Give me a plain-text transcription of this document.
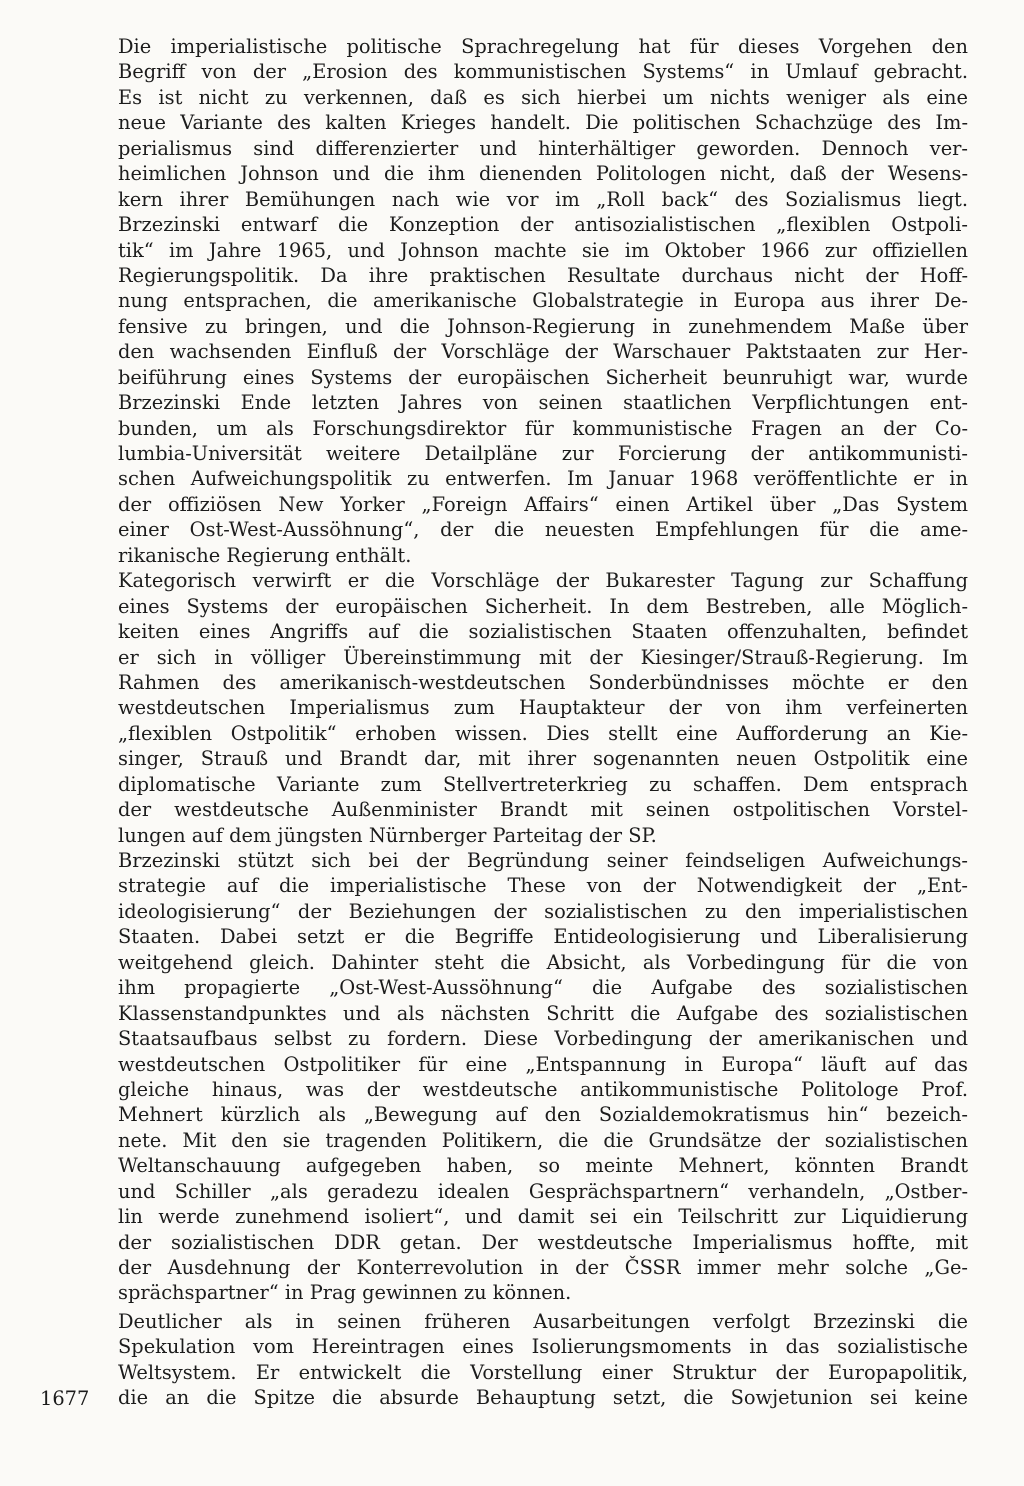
Die imperialistische politische Sprachregelung hat für dieses Vorgehen den
Begriff von der „Erosion des kommunistischen Systems“ in Umlauf gebracht.
Es ist nicht zu verkennen, daß es sich hierbei um nichts weniger als eine
neue Variante des kalten Krieges handelt. Die politischen Schachzüge des Im-
perialismus sind differenzierter und hinterhältiger geworden. Dennoch ver-
heimlichen Johnson und die ihm dienenden Politologen nicht, daß der Wesens-
kern ihrer Bemühungen nach wie vor im „Roll back“ des Sozialismus liegt.
Brzezinski entwarf die Konzeption der antisozialistischen „flexiblen Ostpoli-
tik“ im Jahre 1965, und Johnson machte sie im Oktober 1966 zur offiziellen
Regierungspolitik. Da ihre praktischen Resultate durchaus nicht der Hoff-
nung entsprachen, die amerikanische Globalstrategie in Europa aus ihrer De-
fensive zu bringen, und die Johnson-Regierung in zunehmendem Maße über
den wachsenden Einfluß der Vorschläge der Warschauer Paktstaaten zur Her-
beiführung eines Systems der europäischen Sicherheit beunruhigt war, wurde
Brzezinski Ende letzten Jahres von seinen staatlichen Verpflichtungen ent-
bunden, um als Forschungsdirektor für kommunistische Fragen an der Co-
lumbia-Universität weitere Detailpläne zur Forcierung der antikommunisti-
schen Aufweichungspolitik zu entwerfen. Im Januar 1968 veröffentlichte er in
der offiziösen New Yorker „Foreign Affairs“ einen Artikel über „Das System
einer Ost-West-Aussöhnung“, der die neuesten Empfehlungen für die ame-
rikanische Regierung enthält.
Kategorisch verwirft er die Vorschläge der Bukarester Tagung zur Schaffung
eines Systems der europäischen Sicherheit. In dem Bestreben, alle Möglich-
keiten eines Angriffs auf die sozialistischen Staaten offenzuhalten, befindet
er sich in völliger Übereinstimmung mit der Kiesinger/Strauß-Regierung. Im
Rahmen des amerikanisch-westdeutschen Sonderbündnisses möchte er den
westdeutschen Imperialismus zum Hauptakteur der von ihm verfeinerten
„flexiblen Ostpolitik“ erhoben wissen. Dies stellt eine Aufforderung an Kie-
singer, Strauß und Brandt dar, mit ihrer sogenannten neuen Ostpolitik eine
diplomatische Variante zum Stellvertreterkrieg zu schaffen. Dem entsprach
der westdeutsche Außenminister Brandt mit seinen ostpolitischen Vorstel-
lungen auf dem jüngsten Nürnberger Parteitag der SP.
Brzezinski stützt sich bei der Begründung seiner feindseligen Aufweichungs-
strategie auf die imperialistische These von der Notwendigkeit der „Ent-
ideologisierung“ der Beziehungen der sozialistischen zu den imperialistischen
Staaten. Dabei setzt er die Begriffe Entideologisierung und Liberalisierung
weitgehend gleich. Dahinter steht die Absicht, als Vorbedingung für die von
ihm propagierte „Ost-West-Aussöhnung“ die Aufgabe des sozialistischen
Klassenstandpunktes und als nächsten Schritt die Aufgabe des sozialistischen
Staatsaufbaus selbst zu fordern. Diese Vorbedingung der amerikanischen und
westdeutschen Ostpolitiker für eine „Entspannung in Europa“ läuft auf das
gleiche hinaus, was der westdeutsche antikommunistische Politologe Prof.
Mehnert kürzlich als „Bewegung auf den Sozialdemokratismus hin“ bezeich-
nete. Mit den sie tragenden Politikern, die die Grundsätze der sozialistischen
Weltanschauung aufgegeben haben, so meinte Mehnert, könnten Brandt
und Schiller „als geradezu idealen Gesprächspartnern“ verhandeln, „Ostber-
lin werde zunehmend isoliert“, und damit sei ein Teilschritt zur Liquidierung
der sozialistischen DDR getan. Der westdeutsche Imperialismus hoffte, mit
der Ausdehnung der Konterrevolution in der ČSSR immer mehr solche „Ge-
sprächspartner“ in Prag gewinnen zu können.
Deutlicher als in seinen früheren Ausarbeitungen verfolgt Brzezinski die
Spekulation vom Hereintragen eines Isolierungsmoments in das sozialistische
Weltsystem. Er entwickelt die Vorstellung einer Struktur der Europapolitik,
die an die Spitze die absurde Behauptung setzt, die Sowjetunion sei keine
1677
